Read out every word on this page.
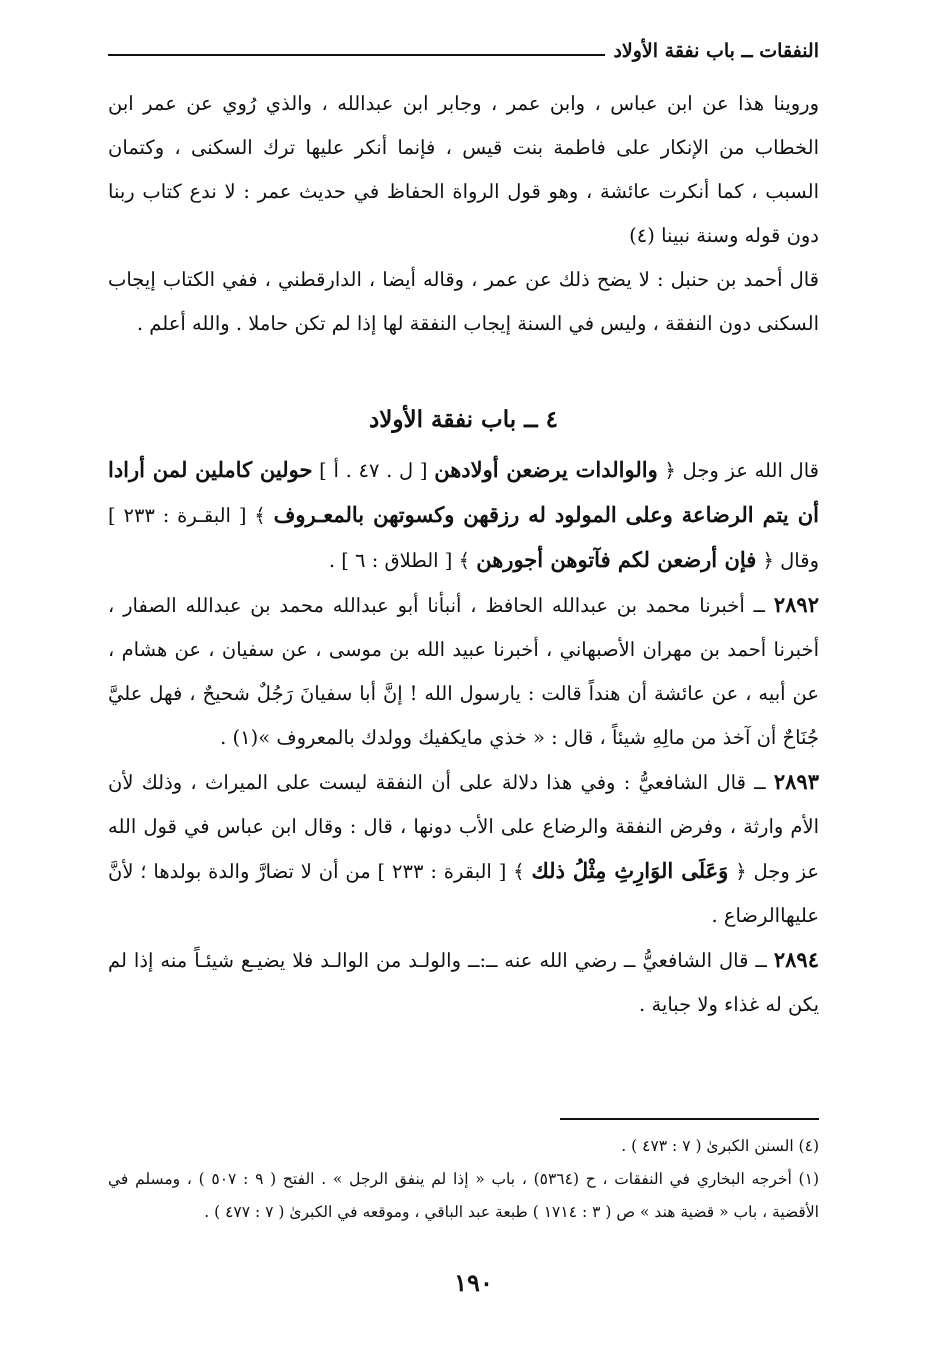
النفقات ــ باب نفقة الأولاد

وروينا هذا عن ابن عباس ، وابن عمر ، وجابر ابن عبدالله ، والذي رُوي عن عمر ابن الخطاب من الإنكار على فاطمة بنت قيس ، فإنما أنكر عليها ترك السكنى ، وكتمان السبب ، كما أنكرت عائشة ، وهو قول الرواة الحفاظ في حديث عمر : لا ندع كتاب ربنا دون قوله وسنة نبينا (٤)

قال أحمد بن حنبل : لا يضح ذلك عن عمر ، وقاله أيضا ، الدارقطني ، ففي الكتاب إيجاب السكنى دون النفقة ، وليس في السنة إيجاب النفقة لها إذا لم تكن حاملا . والله أعلم .

٤ ــ باب نفقة الأولاد

قال الله عز وجل ﴿ والوالدات يرضعن أولادهن [ ل . ٤٧ . أ ] حولين كاملين لمن أرادا أن يتم الرضاعة وعلى المولود له رزقهن وكسوتهن بالمعـروف ﴾ [ البقـرة : ٢٣٣ ] وقال ﴿ فإن أرضعن لكم فآتوهن أجورهن ﴾ [ الطلاق : ٦ ] .

٢٨٩٢ ــ أخبرنا محمد بن عبدالله الحافظ ، أنبأنا أبو عبدالله محمد بن عبدالله الصفار ، أخبرنا أحمد بن مهران الأصبهاني ، أخبرنا عبيد الله بن موسى ، عن سفيان ، عن هشام ، عن أبيه ، عن عائشة أن هنداً قالت : يارسول الله ! إنَّ أبا سفيانَ رَجُلٌ شحيحٌ ، فهل عليَّ جُنَاحٌ أن آخذ من مالِهِ شيئاً ، قال : « خذي مايكفيك وولدك بالمعروف »(١) .

٢٨٩٣ ــ قال الشافعيُّ : وفي هذا دلالة على أن النفقة ليست على الميراث ، وذلك لأن الأم وارثة ، وفرض النفقة والرضاع على الأب دونها ، قال : وقال ابن عباس في قول الله عز وجل ﴿ وَعَلَى الوَارِثِ مِثْلُ ذلك ﴾ [ البقرة : ٢٣٣ ] من أن لا تضارَّ والدة بولدها ؛ لأنَّ عليهاالرضاع .

٢٨٩٤ ــ قال الشافعيُّ ــ رضي الله عنه ــ:ــ والولـد من الوالـد فلا يضيـع شيئـاً منه إذا لم يكن له غذاء ولا جباية .

(٤) السنن الكبرىٰ ( ٧ : ٤٧٣ ) .

(١) أخرجه البخاري في النفقات ، ح (٥٣٦٤) ، باب « إذا لم ينفق الرجل » . الفتح ( ٩ : ٥٠٧ ) ، ومسلم في الأقضية ، باب « قضية هند » ص ( ٣ : ١٧١٤ ) طبعة عبد الباقي ، وموقعه في الكبرىٰ ( ٧ : ٤٧٧ ) .

١٩٠
